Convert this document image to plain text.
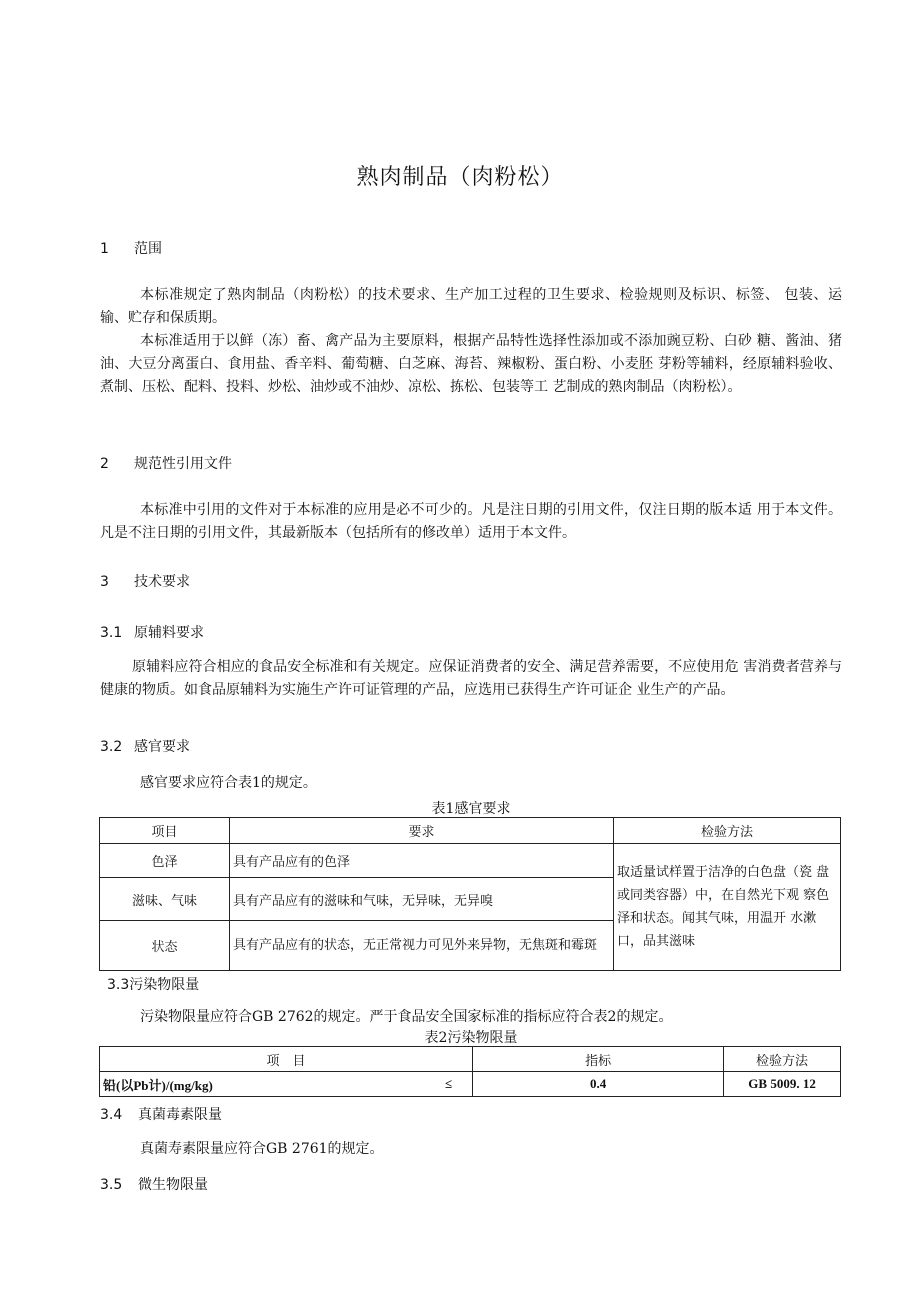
熟肉制品（肉粉松）
1 范围
本标准规定了熟肉制品（肉粉松）的技术要求、生产加工过程的卫生要求、检验规则及标识、标签、 包装、运输、贮存和保质期。
本标准适用于以鲜（冻）畜、禽产品为主要原料，根据产品特性选择性添加或不添加豌豆粉、白砂 糖、酱油、猪油、大豆分离蛋白、食用盐、香辛料、葡萄糖、白芝麻、海苔、辣椒粉、蛋白粉、小麦胚 芽粉等辅料，经原辅料验收、煮制、压松、配料、投料、炒松、油炒或不油炒、凉松、拣松、包装等工 艺制成的熟肉制品（肉粉松）。
2 规范性引用文件
本标准中引用的文件对于本标准的应用是必不可少的。凡是注日期的引用文件，仅注日期的版本适 用于本文件。凡是不注日期的引用文件，其最新版本（包括所有的修改单）适用于本文件。
3 技术要求
3.1 原辅料要求
原辅料应符合相应的食品安全标准和有关规定。应保证消费者的安全、满足营养需要，不应使用危 害消费者营养与健康的物质。如食品原辅料为实施生产许可证管理的产品，应选用已获得生产许可证企 业生产的产品。
3.2 感官要求
感官要求应符合表1的规定。
表1感官要求
项目	要求	检验方法
色泽	具有产品应有的色泽	取适量试样置于洁净的白色盘（瓷 盘或同类容器）中，在自然光下观 察色泽和状态。闻其气味，用温开 水漱口，品其滋味
滋味、气味	具有产品应有的滋味和气味，无异味，无异嗅	
状态	具有产品应有的状态，无正常视力可见外来异物，无焦斑和霉斑	
3.3污染物限量
污染物限量应符合GB 2762的规定。严于食品安全国家标准的指标应符合表2的规定。
表2污染物限量
项　目		指标	检验方法
铅(以Pb计)/(mg/kg)	≤	0.4	GB 5009. 12
3.4 真菌毒素限量
真菌寿素限量应符合GB 2761的规定。
3.5 微生物限量
